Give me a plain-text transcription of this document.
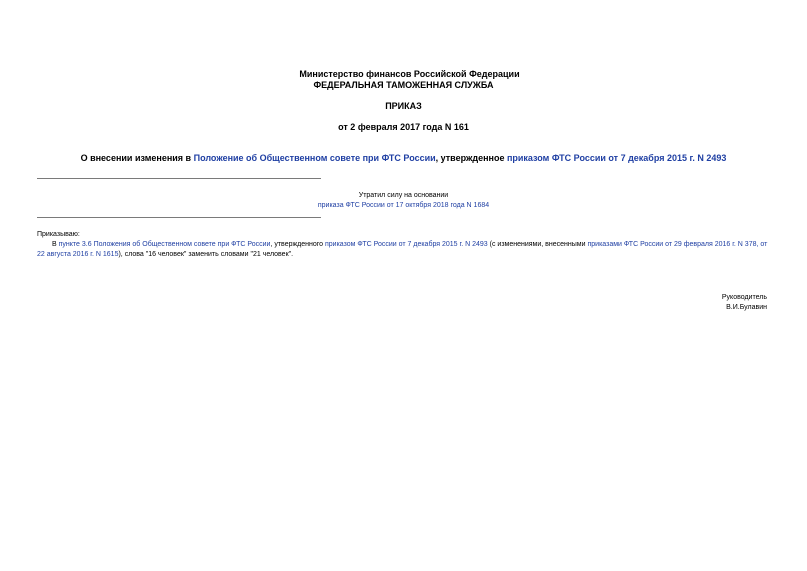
Министерство финансов Российской Федерации
ФЕДЕРАЛЬНАЯ ТАМОЖЕННАЯ СЛУЖБА
ПРИКАЗ
от 2 февраля 2017 года N 161
О внесении изменения в Положение об Общественном совете при ФТС России, утвержденное приказом ФТС России от 7 декабря 2015 г. N 2493
Утратил силу на основании
приказа ФТС России от 17 октября 2018 года N 1684

Приказываю:

В пункте 3.6 Положения об Общественном совете при ФТС России, утвержденного приказом ФТС России от 7 декабря 2015 г. N 2493 (с изменениями, внесенными приказами ФТС России от 29 февраля 2016 г. N 378, от 22 августа 2016 г. N 1615), слова "16 человек" заменить словами "21 человек".

Руководитель
В.И.Булавин
